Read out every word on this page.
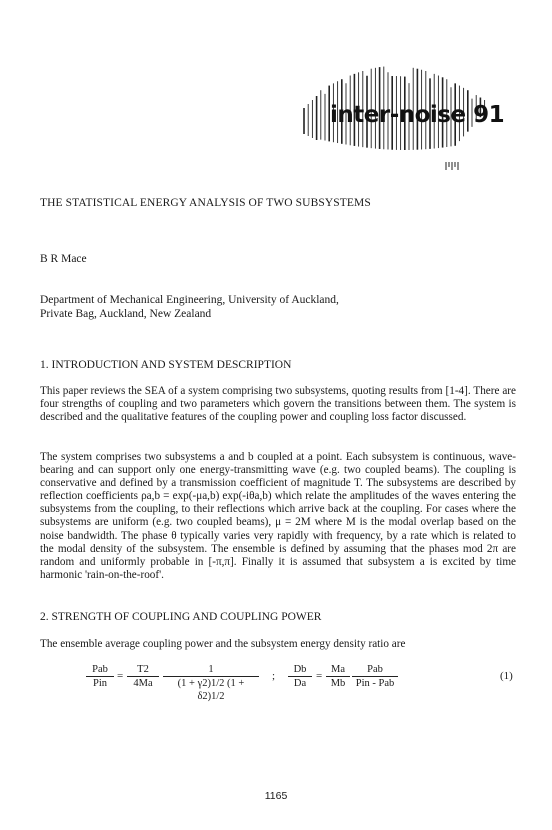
inter-noise 91
THE STATISTICAL ENERGY ANALYSIS OF TWO SUBSYSTEMS
B R Mace
Department of Mechanical Engineering, University of Auckland,
Private Bag, Auckland, New Zealand
1. INTRODUCTION AND SYSTEM DESCRIPTION

This paper reviews the SEA of a system comprising two subsystems, quoting results from [1-4]. There are four strengths of coupling and two parameters which govern the transitions between them. The system is described and the qualitative features of the coupling power and coupling loss factor discussed.

The system comprises two subsystems a and b coupled at a point. Each subsystem is continuous, wave-bearing and can support only one energy-transmitting wave (e.g. two coupled beams). The coupling is conservative and defined by a transmission coefficient of magnitude T. The subsystems are described by reflection coefficients ρa,b = exp(-μa,b) exp(-iθa,b) which relate the amplitudes of the waves entering the subsystems from the coupling, to their reflections which arrive back at the coupling. For cases where the subsystems are uniform (e.g. two coupled beams), μ = 2M where M is the modal overlap based on the noise bandwidth. The phase θ typically varies very rapidly with frequency, by a rate which is related to the modal density of the subsystem. The ensemble is defined by assuming that the phases mod 2π are random and uniformly probable in [-π,π]. Finally it is assumed that subsystem a is excited by time harmonic 'rain-on-the-roof'.

2. STRENGTH OF COUPLING AND COUPLING POWER

The ensemble average coupling power and the subsystem energy density ratio are

Pab
Pin
= $\frac{T2}{4Ma} \frac{1}{(1 + \gamma 2)1/2 (1 + \delta 2)1/2}$ ; $\frac{Db}{Da} = \frac{Ma}{Mb}$	Pab
Pin - Pab
(1)
1165
